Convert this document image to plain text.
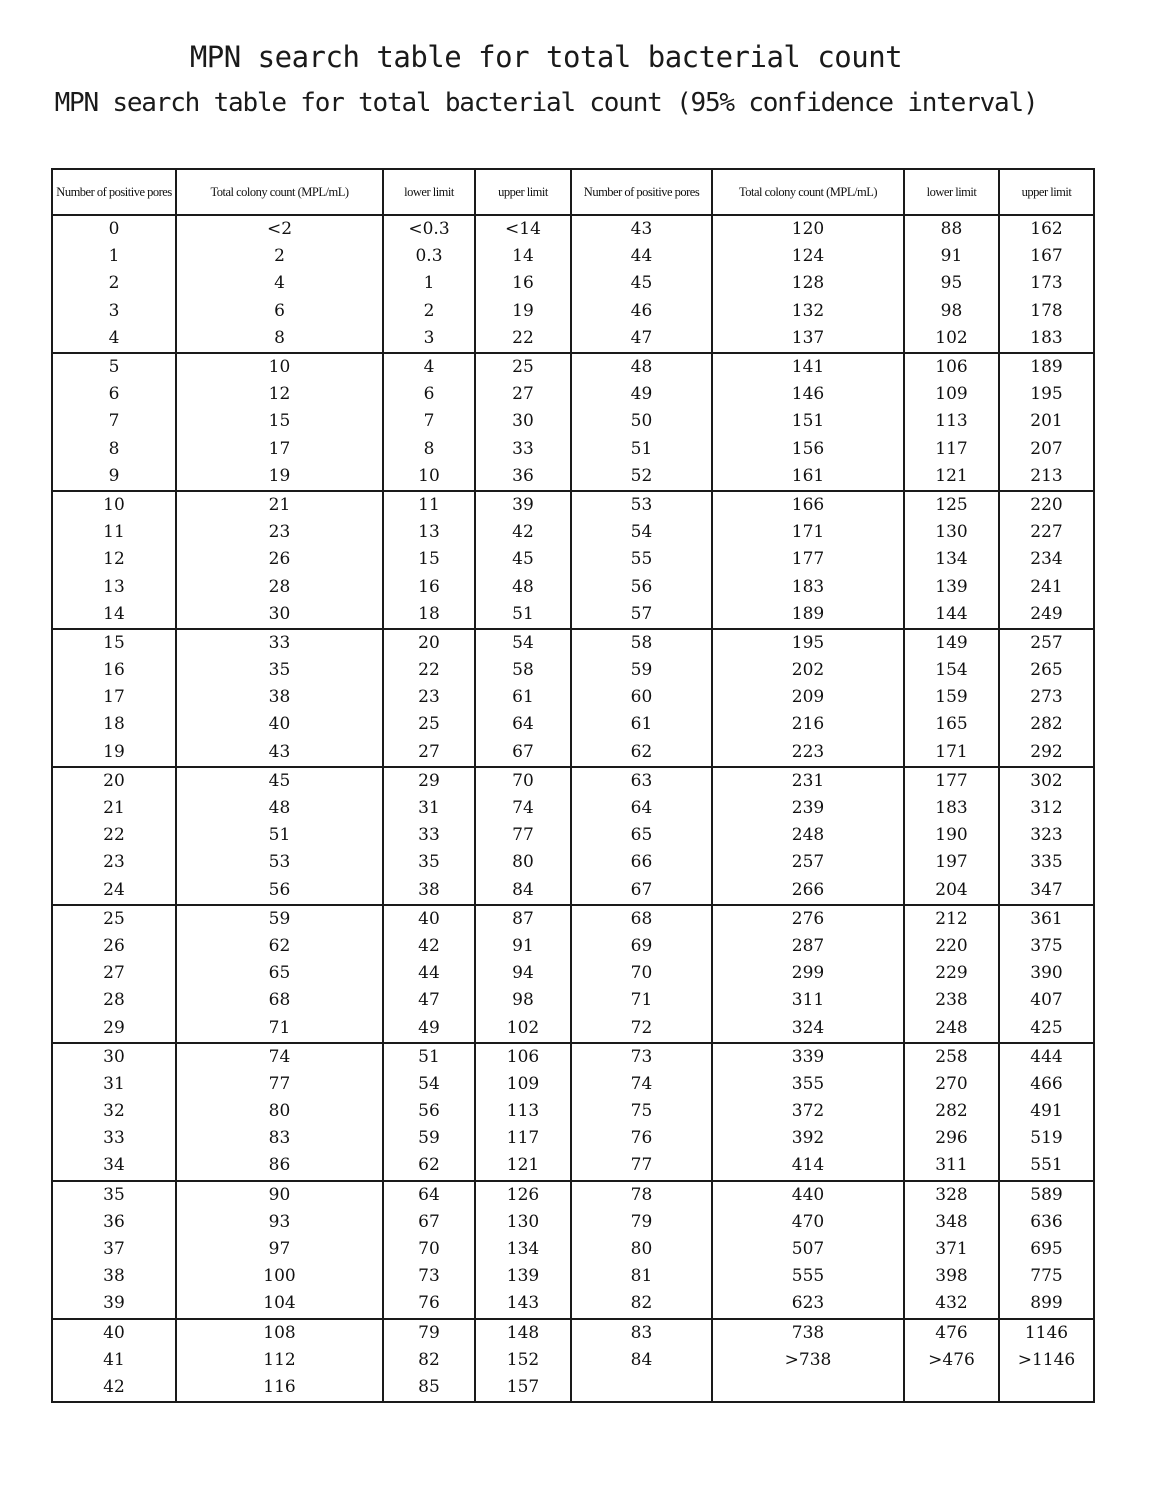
MPN search table for total bacterial count
MPN search table for total bacterial count (95% confidence interval)
Number of positive pores	Total colony count (MPL/mL)	lower limit	upper limit	Number of positive pores	Total colony count (MPL/mL)	lower limit	upper limit
0	<2	<0.3	<14	43	120	88	162
1	2	0.3	14	44	124	91	167
2	4	1	16	45	128	95	173
3	6	2	19	46	132	98	178
4	8	3	22	47	137	102	183
5	10	4	25	48	141	106	189
6	12	6	27	49	146	109	195
7	15	7	30	50	151	113	201
8	17	8	33	51	156	117	207
9	19	10	36	52	161	121	213
10	21	11	39	53	166	125	220
11	23	13	42	54	171	130	227
12	26	15	45	55	177	134	234
13	28	16	48	56	183	139	241
14	30	18	51	57	189	144	249
15	33	20	54	58	195	149	257
16	35	22	58	59	202	154	265
17	38	23	61	60	209	159	273
18	40	25	64	61	216	165	282
19	43	27	67	62	223	171	292
20	45	29	70	63	231	177	302
21	48	31	74	64	239	183	312
22	51	33	77	65	248	190	323
23	53	35	80	66	257	197	335
24	56	38	84	67	266	204	347
25	59	40	87	68	276	212	361
26	62	42	91	69	287	220	375
27	65	44	94	70	299	229	390
28	68	47	98	71	311	238	407
29	71	49	102	72	324	248	425
30	74	51	106	73	339	258	444
31	77	54	109	74	355	270	466
32	80	56	113	75	372	282	491
33	83	59	117	76	392	296	519
34	86	62	121	77	414	311	551
35	90	64	126	78	440	328	589
36	93	67	130	79	470	348	636
37	97	70	134	80	507	371	695
38	100	73	139	81	555	398	775
39	104	76	143	82	623	432	899
40	108	79	148	83	738	476	1146
41	112	82	152	84	>738	>476	>1146
42	116	85	157				
